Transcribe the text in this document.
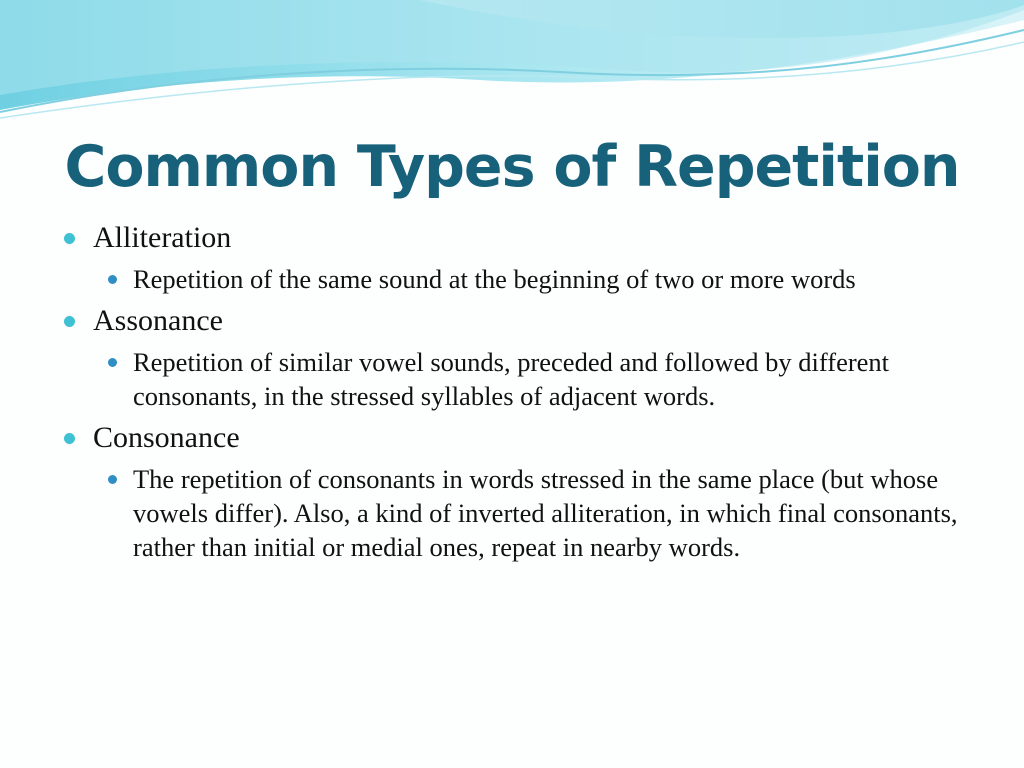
Common Types of Repetition
Alliteration
Repetition of the same sound at the beginning of two or more words
Assonance
Repetition of similar vowel sounds, preceded and followed by different consonants, in the stressed syllables of adjacent words.
Consonance
The repetition of consonants in words stressed in the same place (but whose vowels differ). Also, a kind of inverted alliteration, in which final consonants, rather than initial or medial ones, repeat in nearby words.
